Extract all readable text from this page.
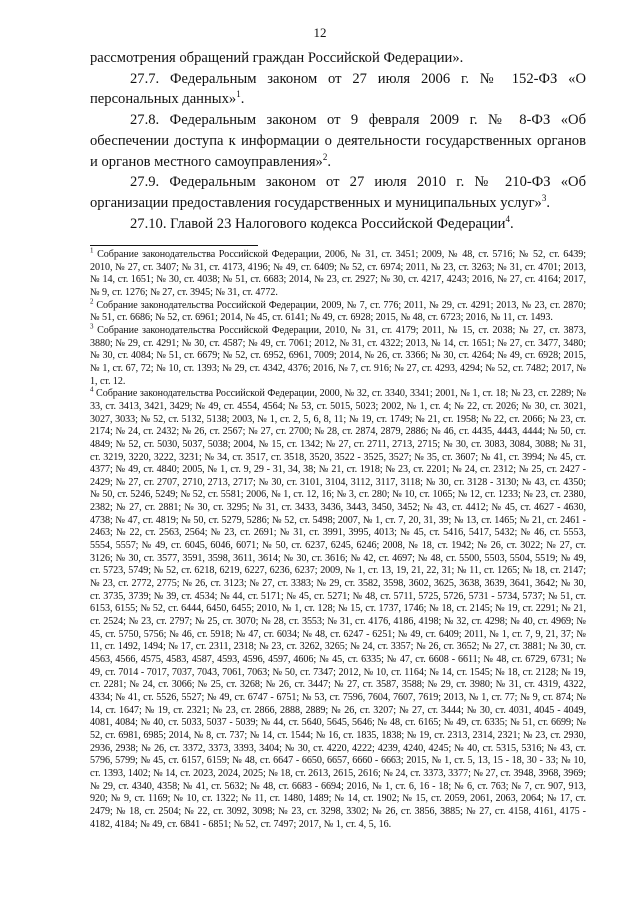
12

рассмотрения обращений граждан Российской Федерации».

27.7. Федеральным законом от 27 июля 2006 г. № 152-ФЗ «О персональных данных»$^1$.

27.8. Федеральным законом от 9 февраля 2009 г. № 8-ФЗ «Об обеспечении доступа к информации о деятельности государственных органов и органов местного самоуправления»$^2$.

27.9. Федеральным законом от 27 июля 2010 г. № 210-ФЗ «Об организации предоставления государственных и муниципальных услуг»$^3$.

27.10. Главой 23 Налогового кодекса Российской Федерации$^4$.

$^1$ Собрание законодательства Российской Федерации, 2006, № 31, ст. 3451; 2009, № 48, ст. 5716; № 52, ст. 6439; 2010, № 27, ст. 3407; № 31, ст. 4173, 4196; № 49, ст. 6409; № 52, ст. 6974; 2011, № 23, ст. 3263; № 31, ст. 4701; 2013, № 14, ст. 1651; № 30, ст. 4038; № 51, ст. 6683; 2014, № 23, ст. 2927; № 30, ст. 4217, 4243; 2016, № 27, ст. 4164; 2017, № 9, ст. 1276; № 27, ст. 3945; № 31, ст. 4772.

$^2$ Собрание законодательства Российской Федерации, 2009, № 7, ст. 776; 2011, № 29, ст. 4291; 2013, № 23, ст. 2870; № 51, ст. 6686; № 52, ст. 6961; 2014, № 45, ст. 6141; № 49, ст. 6928; 2015, № 48, ст. 6723; 2016, № 11, ст. 1493.

$^3$ Собрание законодательства Российской Федерации, 2010, № 31, ст. 4179; 2011, № 15, ст. 2038; № 27, ст. 3873, 3880; № 29, ст. 4291; № 30, ст. 4587; № 49, ст. 7061; 2012, № 31, ст. 4322; 2013, № 14, ст. 1651; № 27, ст. 3477, 3480; № 30, ст. 4084; № 51, ст. 6679; № 52, ст. 6952, 6961, 7009; 2014, № 26, ст. 3366; № 30, ст. 4264; № 49, ст. 6928; 2015, № 1, ст. 67, 72; № 10, ст. 1393; № 29, ст. 4342, 4376; 2016, № 7, ст. 916; № 27, ст. 4293, 4294; № 52, ст. 7482; 2017, № 1, ст. 12.

$^4$ Собрание законодательства Российской Федерации, 2000, № 32, ст. 3340, 3341; 2001, № 1, ст. 18; № 23, ст. 2289; № 33, ст. 3413, 3421, 3429; № 49, ст. 4554, 4564; № 53, ст. 5015, 5023; 2002, № 1, ст. 4; № 22, ст. 2026; № 30, ст. 3021, 3027, 3033; № 52, ст. 5132, 5138; 2003, № 1, ст. 2, 5, 6, 8, 11; № 19, ст. 1749; № 21, ст. 1958; № 22, ст. 2066; № 23, ст. 2174; № 24, ст. 2432; № 26, ст. 2567; № 27, ст. 2700; № 28, ст. 2874, 2879, 2886; № 46, ст. 4435, 4443, 4444; № 50, ст. 4849; № 52, ст. 5030, 5037, 5038; 2004, № 15, ст. 1342; № 27, ст. 2711, 2713, 2715; № 30, ст. 3083, 3084, 3088; № 31, ст. 3219, 3220, 3222, 3231; № 34, ст. 3517, ст. 3518, 3520, 3522 - 3525, 3527; № 35, ст. 3607; № 41, ст. 3994; № 45, ст. 4377; № 49, ст. 4840; 2005, № 1, ст. 9, 29 - 31, 34, 38; № 21, ст. 1918; № 23, ст. 2201; № 24, ст. 2312; № 25, ст. 2427 - 2429; № 27, ст. 2707, 2710, 2713, 2717; № 30, ст. 3101, 3104, 3112, 3117, 3118; № 30, ст. 3128 - 3130; № 43, ст. 4350; № 50, ст. 5246, 5249; № 52, ст. 5581; 2006, № 1, ст. 12, 16; № 3, ст. 280; № 10, ст. 1065; № 12, ст. 1233; № 23, ст. 2380, 2382; № 27, ст. 2881; № 30, ст. 3295; № 31, ст. 3433, 3436, 3443, 3450, 3452; № 43, ст. 4412; № 45, ст. 4627 - 4630, 4738; № 47, ст. 4819; № 50, ст. 5279, 5286; № 52, ст. 5498; 2007, № 1, ст. 7, 20, 31, 39; № 13, ст. 1465; № 21, ст. 2461 - 2463; № 22, ст. 2563, 2564; № 23, ст. 2691; № 31, ст. 3991, 3995, 4013; № 45, ст. 5416, 5417, 5432; № 46, ст. 5553, 5554, 5557; № 49, ст. 6045, 6046, 6071; № 50, ст. 6237, 6245, 6246; 2008, № 18, ст. 1942; № 26, ст. 3022; № 27, ст. 3126; № 30, ст. 3577, 3591, 3598, 3611, 3614; № 30, ст. 3616; № 42, ст. 4697; № 48, ст. 5500, 5503, 5504, 5519; № 49, ст. 5723, 5749; № 52, ст. 6218, 6219, 6227, 6236, 6237; 2009, № 1, ст. 13, 19, 21, 22, 31; № 11, ст. 1265; № 18, ст. 2147; № 23, ст. 2772, 2775; № 26, ст. 3123; № 27, ст. 3383; № 29, ст. 3582, 3598, 3602, 3625, 3638, 3639, 3641, 3642; № 30, ст. 3735, 3739; № 39, ст. 4534; № 44, ст. 5171; № 45, ст. 5271; № 48, ст. 5711, 5725, 5726, 5731 - 5734, 5737; № 51, ст. 6153, 6155; № 52, ст. 6444, 6450, 6455; 2010, № 1, ст. 128; № 15, ст. 1737, 1746; № 18, ст. 2145; № 19, ст. 2291; № 21, ст. 2524; № 23, ст. 2797; № 25, ст. 3070; № 28, ст. 3553; № 31, ст. 4176, 4186, 4198; № 32, ст. 4298; № 40, ст. 4969; № 45, ст. 5750, 5756; № 46, ст. 5918; № 47, ст. 6034; № 48, ст. 6247 - 6251; № 49, ст. 6409; 2011, № 1, ст. 7, 9, 21, 37; № 11, ст. 1492, 1494; № 17, ст. 2311, 2318; № 23, ст. 3262, 3265; № 24, ст. 3357; № 26, ст. 3652; № 27, ст. 3881; № 30, ст. 4563, 4566, 4575, 4583, 4587, 4593, 4596, 4597, 4606; № 45, ст. 6335; № 47, ст. 6608 - 6611; № 48, ст. 6729, 6731; № 49, ст. 7014 - 7017, 7037, 7043, 7061, 7063; № 50, ст. 7347; 2012, № 10, ст. 1164; № 14, ст. 1545; № 18, ст. 2128; № 19, ст. 2281; № 24, ст. 3066; № 25, ст. 3268; № 26, ст. 3447; № 27, ст. 3587, 3588; № 29, ст. 3980; № 31, ст. 4319, 4322, 4334; № 41, ст. 5526, 5527; № 49, ст. 6747 - 6751; № 53, ст. 7596, 7604, 7607, 7619; 2013, № 1, ст. 77; № 9, ст. 874; № 14, ст. 1647; № 19, ст. 2321; № 23, ст. 2866, 2888, 2889; № 26, ст. 3207; № 27, ст. 3444; № 30, ст. 4031, 4045 - 4049, 4081, 4084; № 40, ст. 5033, 5037 - 5039; № 44, ст. 5640, 5645, 5646; № 48, ст. 6165; № 49, ст. 6335; № 51, ст. 6699; № 52, ст. 6981, 6985; 2014, № 8, ст. 737; № 14, ст. 1544; № 16, ст. 1835, 1838; № 19, ст. 2313, 2314, 2321; № 23, ст. 2930, 2936, 2938; № 26, ст. 3372, 3373, 3393, 3404; № 30, ст. 4220, 4222; 4239, 4240, 4245; № 40, ст. 5315, 5316; № 43, ст. 5796, 5799; № 45, ст. 6157, 6159; № 48, ст. 6647 - 6650, 6657, 6660 - 6663; 2015, № 1, ст. 5, 13, 15 - 18, 30 - 33; № 10, ст. 1393, 1402; № 14, ст. 2023, 2024, 2025; № 18, ст. 2613, 2615, 2616; № 24, ст. 3373, 3377; № 27, ст. 3948, 3968, 3969; № 29, ст. 4340, 4358; № 41, ст. 5632; № 48, ст. 6683 - 6694; 2016, № 1, ст. 6, 16 - 18; № 6, ст. 763; № 7, ст. 907, 913, 920; № 9, ст. 1169; № 10, ст. 1322; № 11, ст. 1480, 1489; № 14, ст. 1902; № 15, ст. 2059, 2061, 2063, 2064; № 17, ст. 2479; № 18, ст. 2504; № 22, ст. 3092, 3098; № 23, ст. 3298, 3302; № 26, ст. 3856, 3885; № 27, ст. 4158, 4161, 4175 - 4182, 4184; № 49, ст. 6841 - 6851; № 52, ст. 7497; 2017, № 1, ст. 4, 5, 16.
